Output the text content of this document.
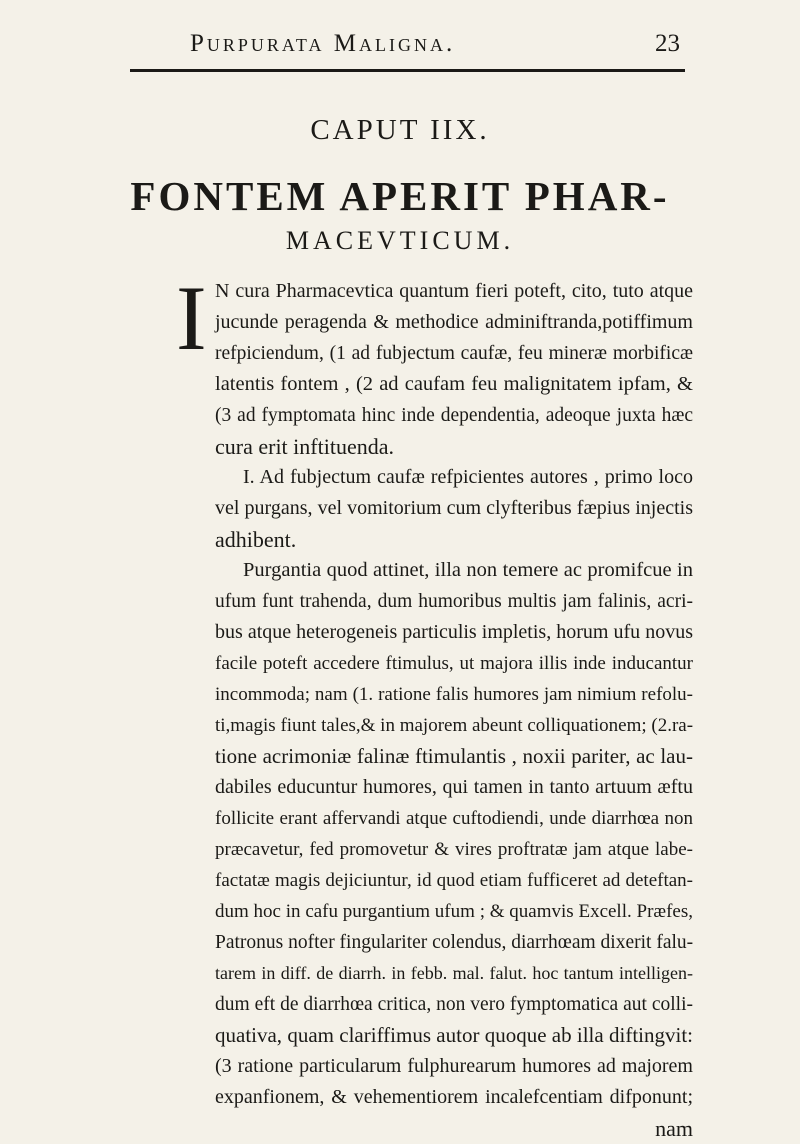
Purpurata Maligna.	23
CAPUT IIX.
FONTEM APERIT PHAR-
MACEVTICUM.
I N cura Pharmacevtica quantum fieri poteft, cito, tuto atque
jucunde peragenda & methodice adminiftranda,potiffimum
refpiciendum, (1 ad fubjectum caufæ, feu mineræ morbificæ
latentis fontem , (2 ad caufam feu malignitatem ipfam, &
(3 ad fymptomata hinc inde dependentia, adeoque juxta hæc
cura erit inftituenda.
I. Ad fubjectum caufæ refpicientes autores , primo loco
vel purgans, vel vomitorium cum clyfteribus fæpius injectis
adhibent.
Purgantia quod attinet, illa non temere ac promifcue in
ufum funt trahenda, dum humoribus multis jam falinis, acri-
bus atque heterogeneis particulis impletis, horum ufu novus
facile poteft accedere ftimulus, ut majora illis inde inducantur
incommoda; nam (1. ratione falis humores jam nimium refolu-
ti,magis fiunt tales,& in majorem abeunt colliquationem; (2.ra-
tione acrimoniæ falinæ ftimulantis , noxii pariter, ac lau-
dabiles educuntur humores, qui tamen in tanto artuum æftu
follicite erant affervandi atque cuftodiendi, unde diarrhœa non
præcavetur, fed promovetur & vires proftratæ jam atque labe-
factatæ magis dejiciuntur, id quod etiam fufficeret ad deteftan-
dum hoc in cafu purgantium ufum ; & quamvis Excell. Præfes,
Patronus nofter fingulariter colendus, diarrhœam dixerit falu-
tarem in diff. de diarrh. in febb. mal. falut. hoc tantum intelligen-
dum eft de diarrhœa critica, non vero fymptomatica aut colli-
quativa, quam clariffimus autor quoque ab illa diftingvit:
(3 ratione particularum fulphurearum humores ad majorem
expanfionem, & vehementiorem incalefcentiam difponunt;
nam
